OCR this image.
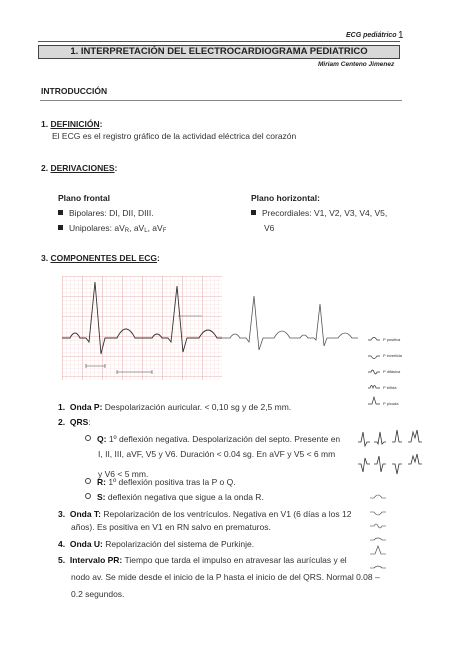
ECG pediátrico 1
1. INTERPRETACIÓN DEL ELECTROCARDIOGRAMA PEDIATRICO
Miriam Centeno Jimenez
INTRODUCCIÓN
1. DEFINICIÓN:
El ECG es el registro gráfico de la actividad eléctrica del corazón
2. DERIVACIONES:
Plano frontal
Bipolares: DI, DII, DIII.
Unipolares: aVR, aVL, aVF
Plano horizontal:
Precordiales: V1, V2, V3, V4, V5,
V6
3. COMPONENTES DEL ECG:
P positiva
P invertida
P difásica
P bífida
P picuda
1. Onda P: Despolarización auricular. < 0,10 sg y de 2,5 mm.
2. QRS:
Q: 1º deflexión negativa. Despolarización del septo. Presente en
I, II, III, aVF, V5 y V6. Duración < 0.04 sg. En aVF y V5 < 6 mm
y V6 < 5 mm.
R: 1º deflexión positiva tras la P o Q.
S: deflexión negativa que sigue a la onda R.
3. Onda T: Repolarización de los ventrículos. Negativa en V1 (6 días a los 12
años). Es positiva en V1 en RN salvo en prematuros.
4. Onda U: Repolarización del sistema de Purkinje.
5. Intervalo PR: Tiempo que tarda el impulso en atravesar las aurículas y el
nodo av. Se mide desde el inicio de la P hasta el inicio de del QRS. Normal 0.08 –
0.2 segundos.
